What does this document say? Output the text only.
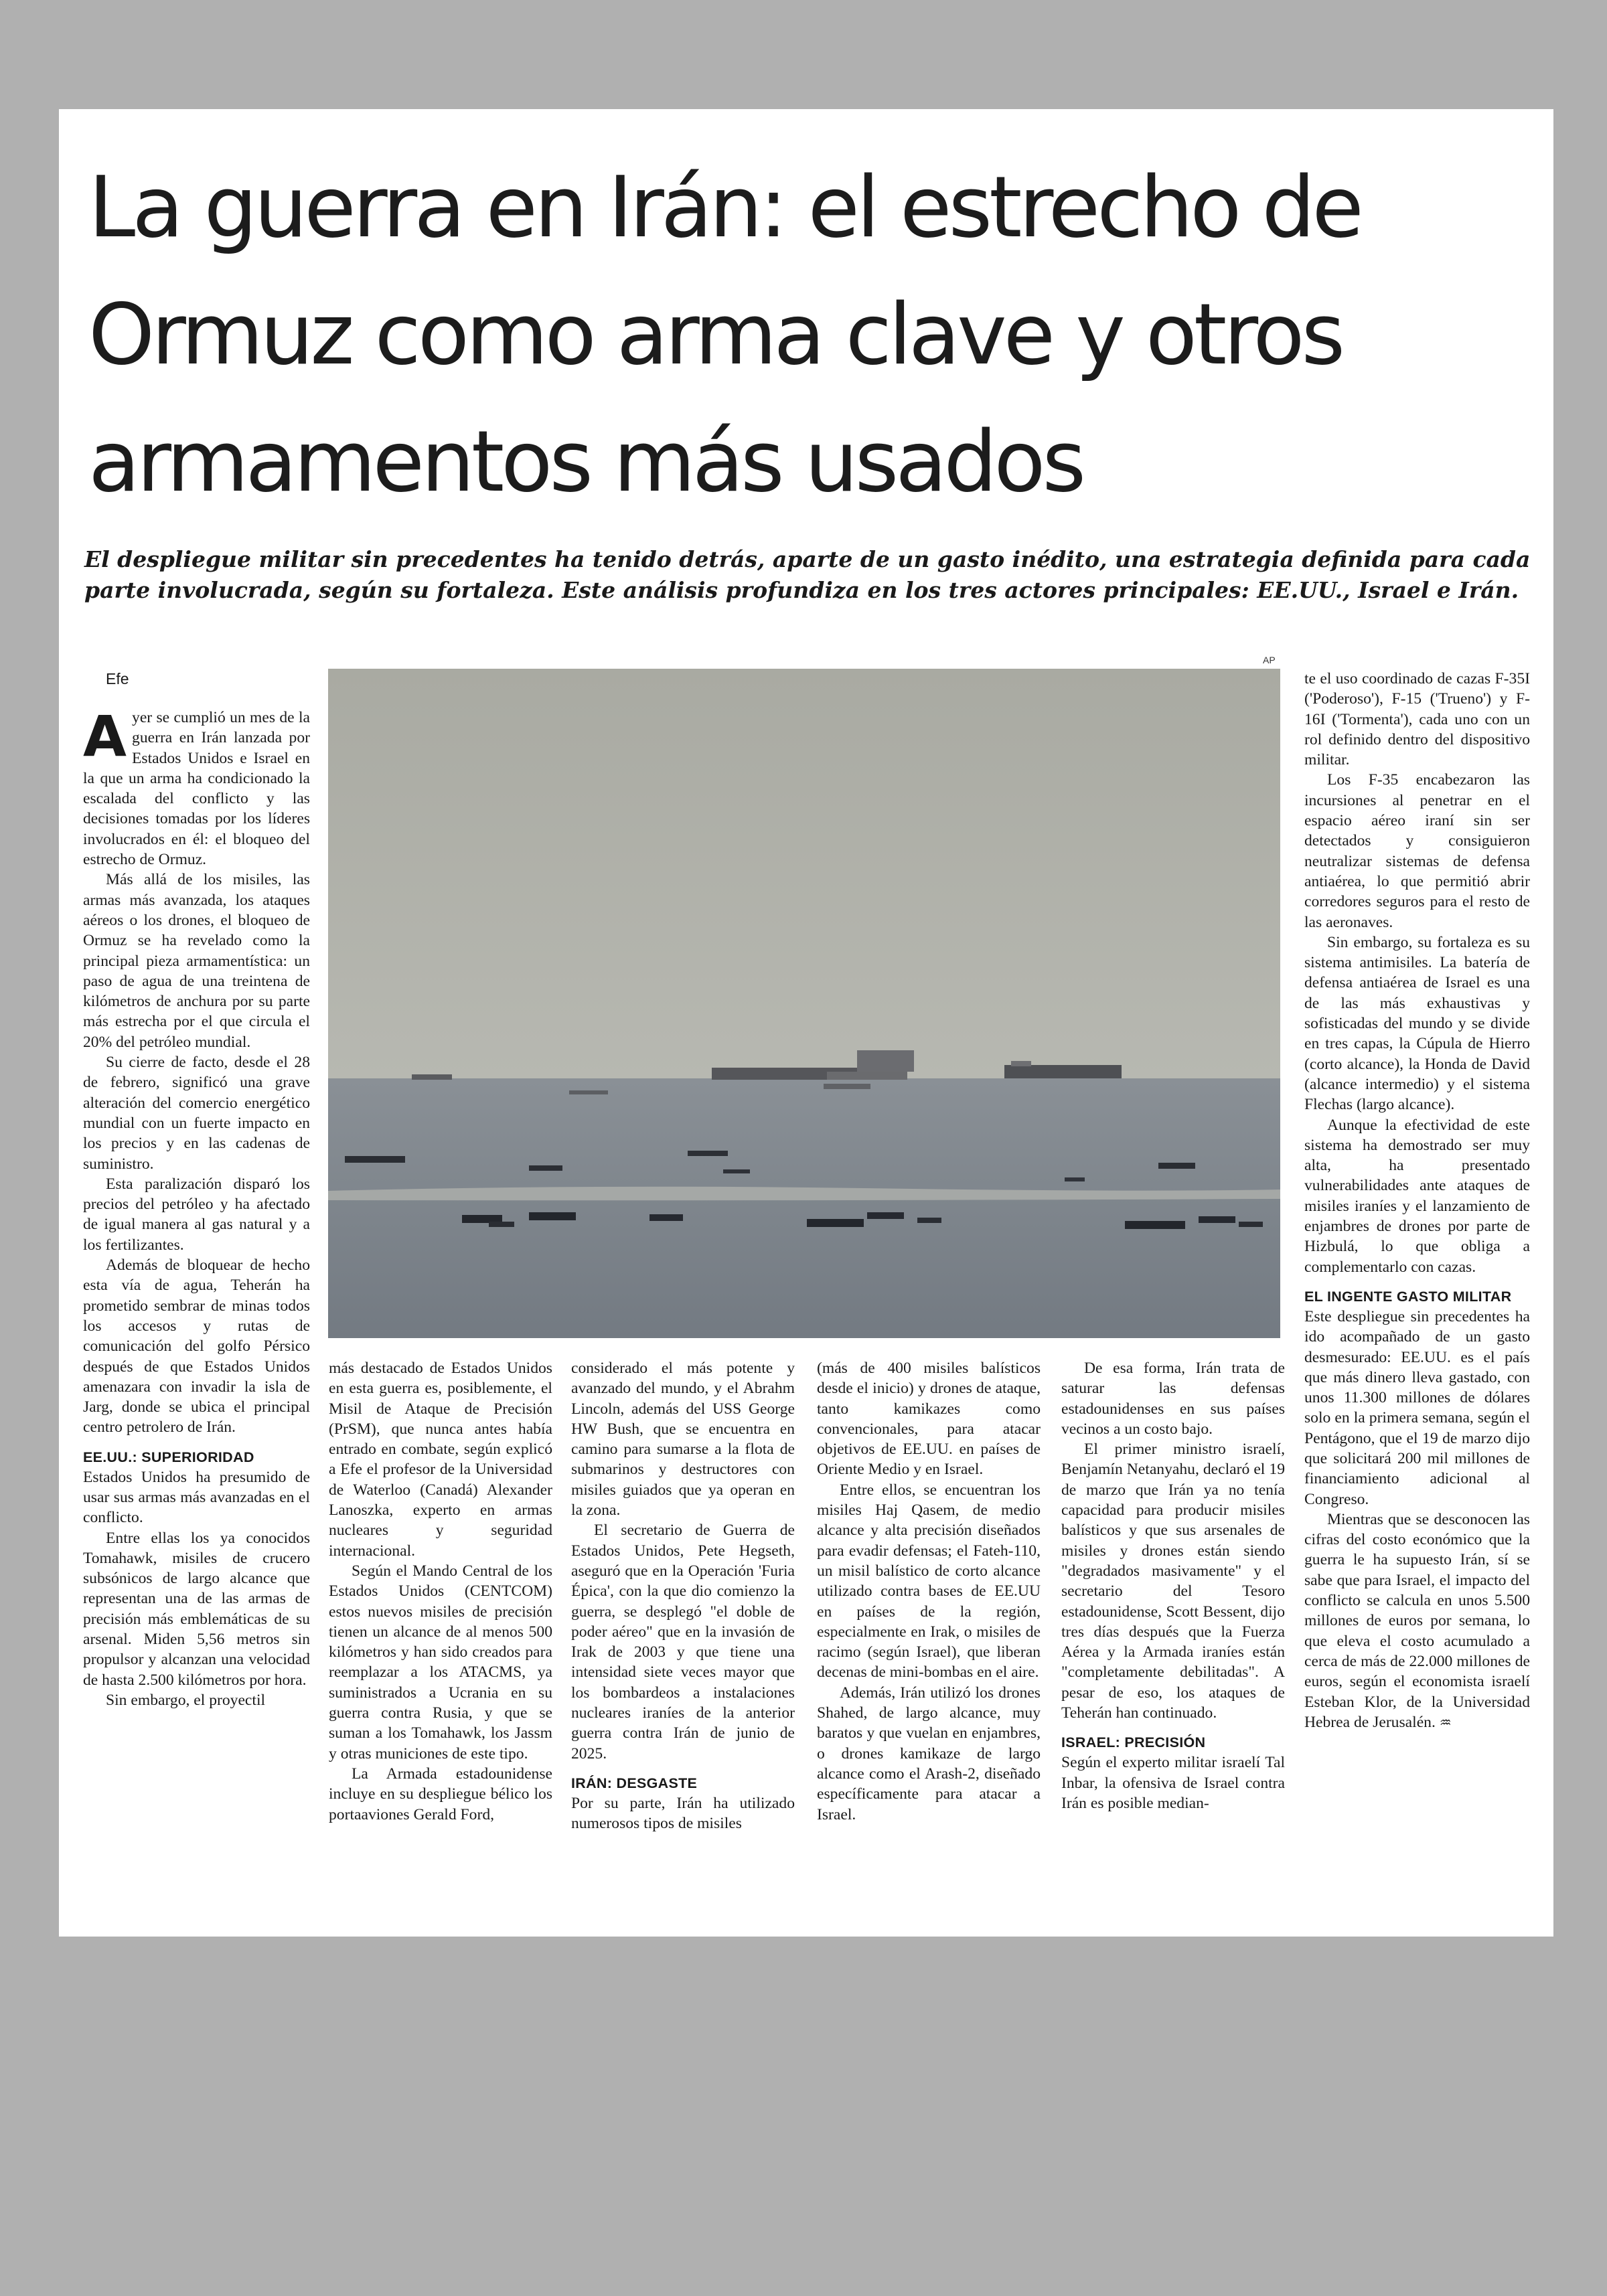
La guerra en Irán: el estrecho de Ormuz como arma clave y otros armamentos más usados

El despliegue militar sin precedentes ha tenido detrás, aparte de un gasto inédito, una estrategia definida para cada parte involucrada, según su fortaleza. Este análisis profundiza en los tres actores principales: EE.UU., Israel e Irán.

AP

Efe

Ayer se cumplió un mes de la guerra en Irán lanzada por Estados Unidos e Israel en la que un arma ha condicionado la escalada del conflicto y las decisiones tomadas por los líderes involucrados en él: el bloqueo del estrecho de Ormuz.

Más allá de los misiles, las armas más avanzada, los ataques aéreos o los drones, el bloqueo de Ormuz se ha revelado como la principal pieza armamentística: un paso de agua de una treintena de kilómetros de anchura por su parte más estrecha por el que circula el 20% del petróleo mundial.

Su cierre de facto, desde el 28 de febrero, significó una grave alteración del comercio energético mundial con un fuerte impacto en los precios y en las cadenas de suministro.

Esta paralización disparó los precios del petróleo y ha afectado de igual manera al gas natural y a los fertilizantes.

Además de bloquear de hecho esta vía de agua, Teherán ha prometido sembrar de minas todos los accesos y rutas de comunicación del golfo Pérsico después de que Estados Unidos amenazara con invadir la isla de Jarg, donde se ubica el principal centro petrolero de Irán.

EE.UU.: SUPERIORIDAD

Estados Unidos ha presumido de usar sus armas más avanzadas en el conflicto.

Entre ellas los ya conocidos Tomahawk, misiles de crucero subsónicos de largo alcance que representan una de las armas de precisión más emblemáticas de su arsenal. Miden 5,56 metros sin propulsor y alcanzan una velocidad de hasta 2.500 kilómetros por hora.

Sin embargo, el proyectil

más destacado de Estados Unidos en esta guerra es, posiblemente, el Misil de Ataque de Precisión (PrSM), que nunca antes había entrado en combate, según explicó a Efe el profesor de la Universidad de Waterloo (Canadá) Alexander Lanoszka, experto en armas nucleares y seguridad internacional.

Según el Mando Central de los Estados Unidos (CENTCOM) estos nuevos misiles de precisión tienen un alcance de al menos 500 kilómetros y han sido creados para reemplazar a los ATACMS, ya suministrados a Ucrania en su guerra contra Rusia, y que se suman a los Tomahawk, los Jassm y otras municiones de este tipo.

La Armada estadounidense incluye en su despliegue bélico los portaaviones Gerald Ford,

considerado el más potente y avanzado del mundo, y el Abrahm Lincoln, además del USS George HW Bush, que se encuentra en camino para sumarse a la flota de submarinos y destructores con misiles guiados que ya operan en la zona.

El secretario de Guerra de Estados Unidos, Pete Hegseth, aseguró que en la Operación 'Furia Épica', con la que dio comienzo la guerra, se desplegó "el doble de poder aéreo" que en la invasión de Irak de 2003 y que tiene una intensidad siete veces mayor que los bombardeos a instalaciones nucleares iraníes de la anterior guerra contra Irán de junio de 2025.

IRÁN: DESGASTE

Por su parte, Irán ha utilizado numerosos tipos de misiles

(más de 400 misiles balísticos desde el inicio) y drones de ataque, tanto kamikazes como convencionales, para atacar objetivos de EE.UU. en países de Oriente Medio y en Israel.

Entre ellos, se encuentran los misiles Haj Qasem, de medio alcance y alta precisión diseñados para evadir defensas; el Fateh-110, un misil balístico de corto alcance utilizado contra bases de EE.UU en países de la región, especialmente en Irak, o misiles de racimo (según Israel), que liberan decenas de mini-bombas en el aire.

Además, Irán utilizó los drones Shahed, de largo alcance, muy baratos y que vuelan en enjambres, o drones kamikaze de largo alcance como el Arash-2, diseñado específicamente para atacar a Israel.

De esa forma, Irán trata de saturar las defensas estadounidenses en sus países vecinos a un costo bajo.

El primer ministro israelí, Benjamín Netanyahu, declaró el 19 de marzo que Irán ya no tenía capacidad para producir misiles balísticos y que sus arsenales de misiles y drones están siendo "degradados masivamente" y el secretario del Tesoro estadounidense, Scott Bessent, dijo tres días después que la Fuerza Aérea y la Armada iraníes están "completamente debilitadas". A pesar de eso, los ataques de Teherán han continuado.

ISRAEL: PRECISIÓN

Según el experto militar israelí Tal Inbar, la ofensiva de Israel contra Irán es posible median-

te el uso coordinado de cazas F-35I ('Poderoso'), F-15 ('Trueno') y F-16I ('Tormenta'), cada uno con un rol definido dentro del dispositivo militar.

Los F-35 encabezaron las incursiones al penetrar en el espacio aéreo iraní sin ser detectados y consiguieron neutralizar sistemas de defensa antiaérea, lo que permitió abrir corredores seguros para el resto de las aeronaves.

Sin embargo, su fortaleza es su sistema antimisiles. La batería de defensa antiaérea de Israel es una de las más exhaustivas y sofisticadas del mundo y se divide en tres capas, la Cúpula de Hierro (corto alcance), la Honda de David (alcance intermedio) y el sistema Flechas (largo alcance).

Aunque la efectividad de este sistema ha demostrado ser muy alta, ha presentado vulnerabilidades ante ataques de misiles iraníes y el lanzamiento de enjambres de drones por parte de Hizbulá, lo que obliga a complementarlo con cazas.

EL INGENTE GASTO MILITAR

Este despliegue sin precedentes ha ido acompañado de un gasto desmesurado: EE.UU. es el país que más dinero lleva gastado, con unos 11.300 millones de dólares solo en la primera semana, según el Pentágono, que el 19 de marzo dijo que solicitará 200 mil millones de financiamiento adicional al Congreso.

Mientras que se desconocen las cifras del costo económico que la guerra le ha supuesto Irán, sí se sabe que para Israel, el impacto del conflicto se calcula en unos 5.500 millones de euros por semana, lo que eleva el costo acumulado a cerca de más de 22.000 millones de euros, según el economista israelí Esteban Klor, de la Universidad Hebrea de Jerusalén. ♒
